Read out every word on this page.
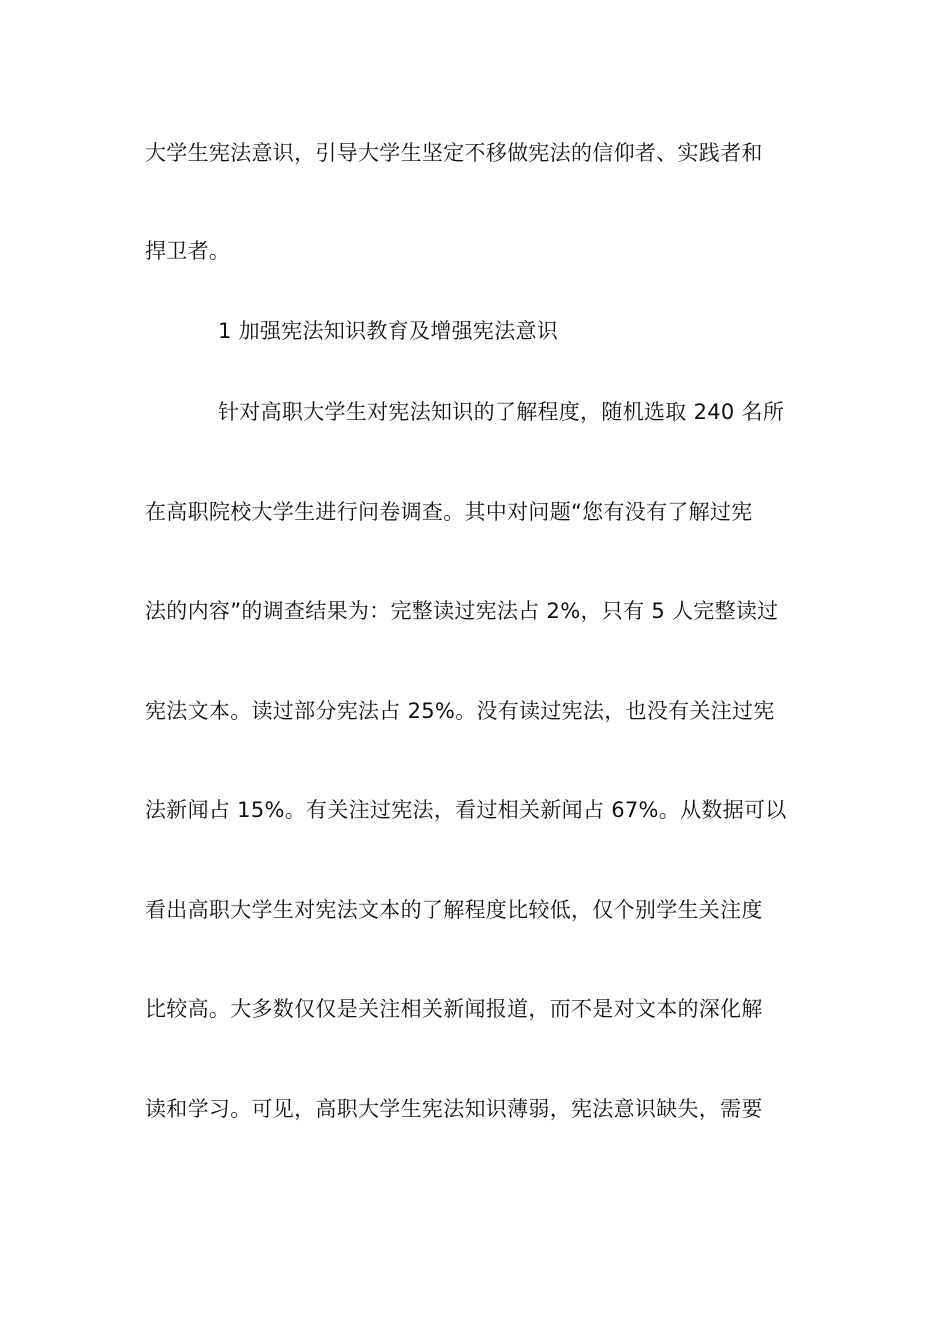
大学生宪法意识，引导大学生坚定不移做宪法的信仰者、实践者和
捍卫者。
1 加强宪法知识教育及增强宪法意识
针对高职大学生对宪法知识的了解程度，随机选取 240 名所
在高职院校大学生进行问卷调查。其中对问题“您有没有了解过宪
法的内容”的调查结果为：完整读过宪法占 2%，只有 5 人完整读过
宪法文本。读过部分宪法占 25%。没有读过宪法，也没有关注过宪
法新闻占 15%。有关注过宪法，看过相关新闻占 67%。从数据可以
看出高职大学生对宪法文本的了解程度比较低，仅个别学生关注度
比较高。大多数仅仅是关注相关新闻报道，而不是对文本的深化解
读和学习。可见，高职大学生宪法知识薄弱，宪法意识缺失，需要
